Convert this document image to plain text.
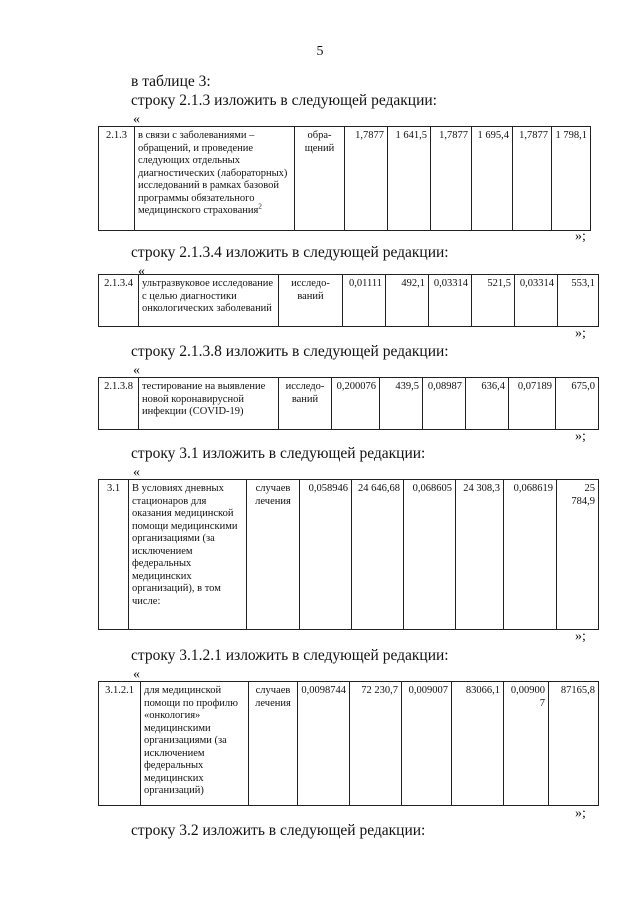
5
в таблице 3:
строку 2.1.3 изложить в следующей редакции:
«
2.1.3	в связи с заболеваниями – обращений, и проведение следующих отдельных диагностических (лабораторных) исследований в рамках базовой программы обязательного медицинского страхования$^2$	обра-щений	1,7877	1 641,5	1,7877	1 695,4	1,7877	1 798,1
»;
строку 2.1.3.4 изложить в следующей редакции:
«
2.1.3.4	ультразвуковое исследование с целью диагностики онкологических заболеваний	исследо-ваний	0,01111	492,1	0,03314	521,5	0,03314	553,1
»;
строку 2.1.3.8 изложить в следующей редакции:
«
2.1.3.8	тестирование на выявление новой коронавирусной инфекции (COVID-19)	исследо-ваний	0,200076	439,5	0,08987	636,4	0,07189	675,0
»;
строку 3.1 изложить в следующей редакции:
«
3.1	В условиях дневных стационаров для оказания медицинской помощи медицинскими организациями (за исключением федеральных медицинских организаций), в том числе:	случаев лечения	0,058946	24 646,68	0,068605	24 308,3	0,068619	25 784,9
»;
строку 3.1.2.1 изложить в следующей редакции:
«
3.1.2.1	для медицинской помощи по профилю «онкология» медицинскими организациями (за исключением федеральных медицинских организаций)	случаев лечения	0,0098744	72 230,7	0,009007	83066,1	0,009007	87165,8
»;
строку 3.2 изложить в следующей редакции:
